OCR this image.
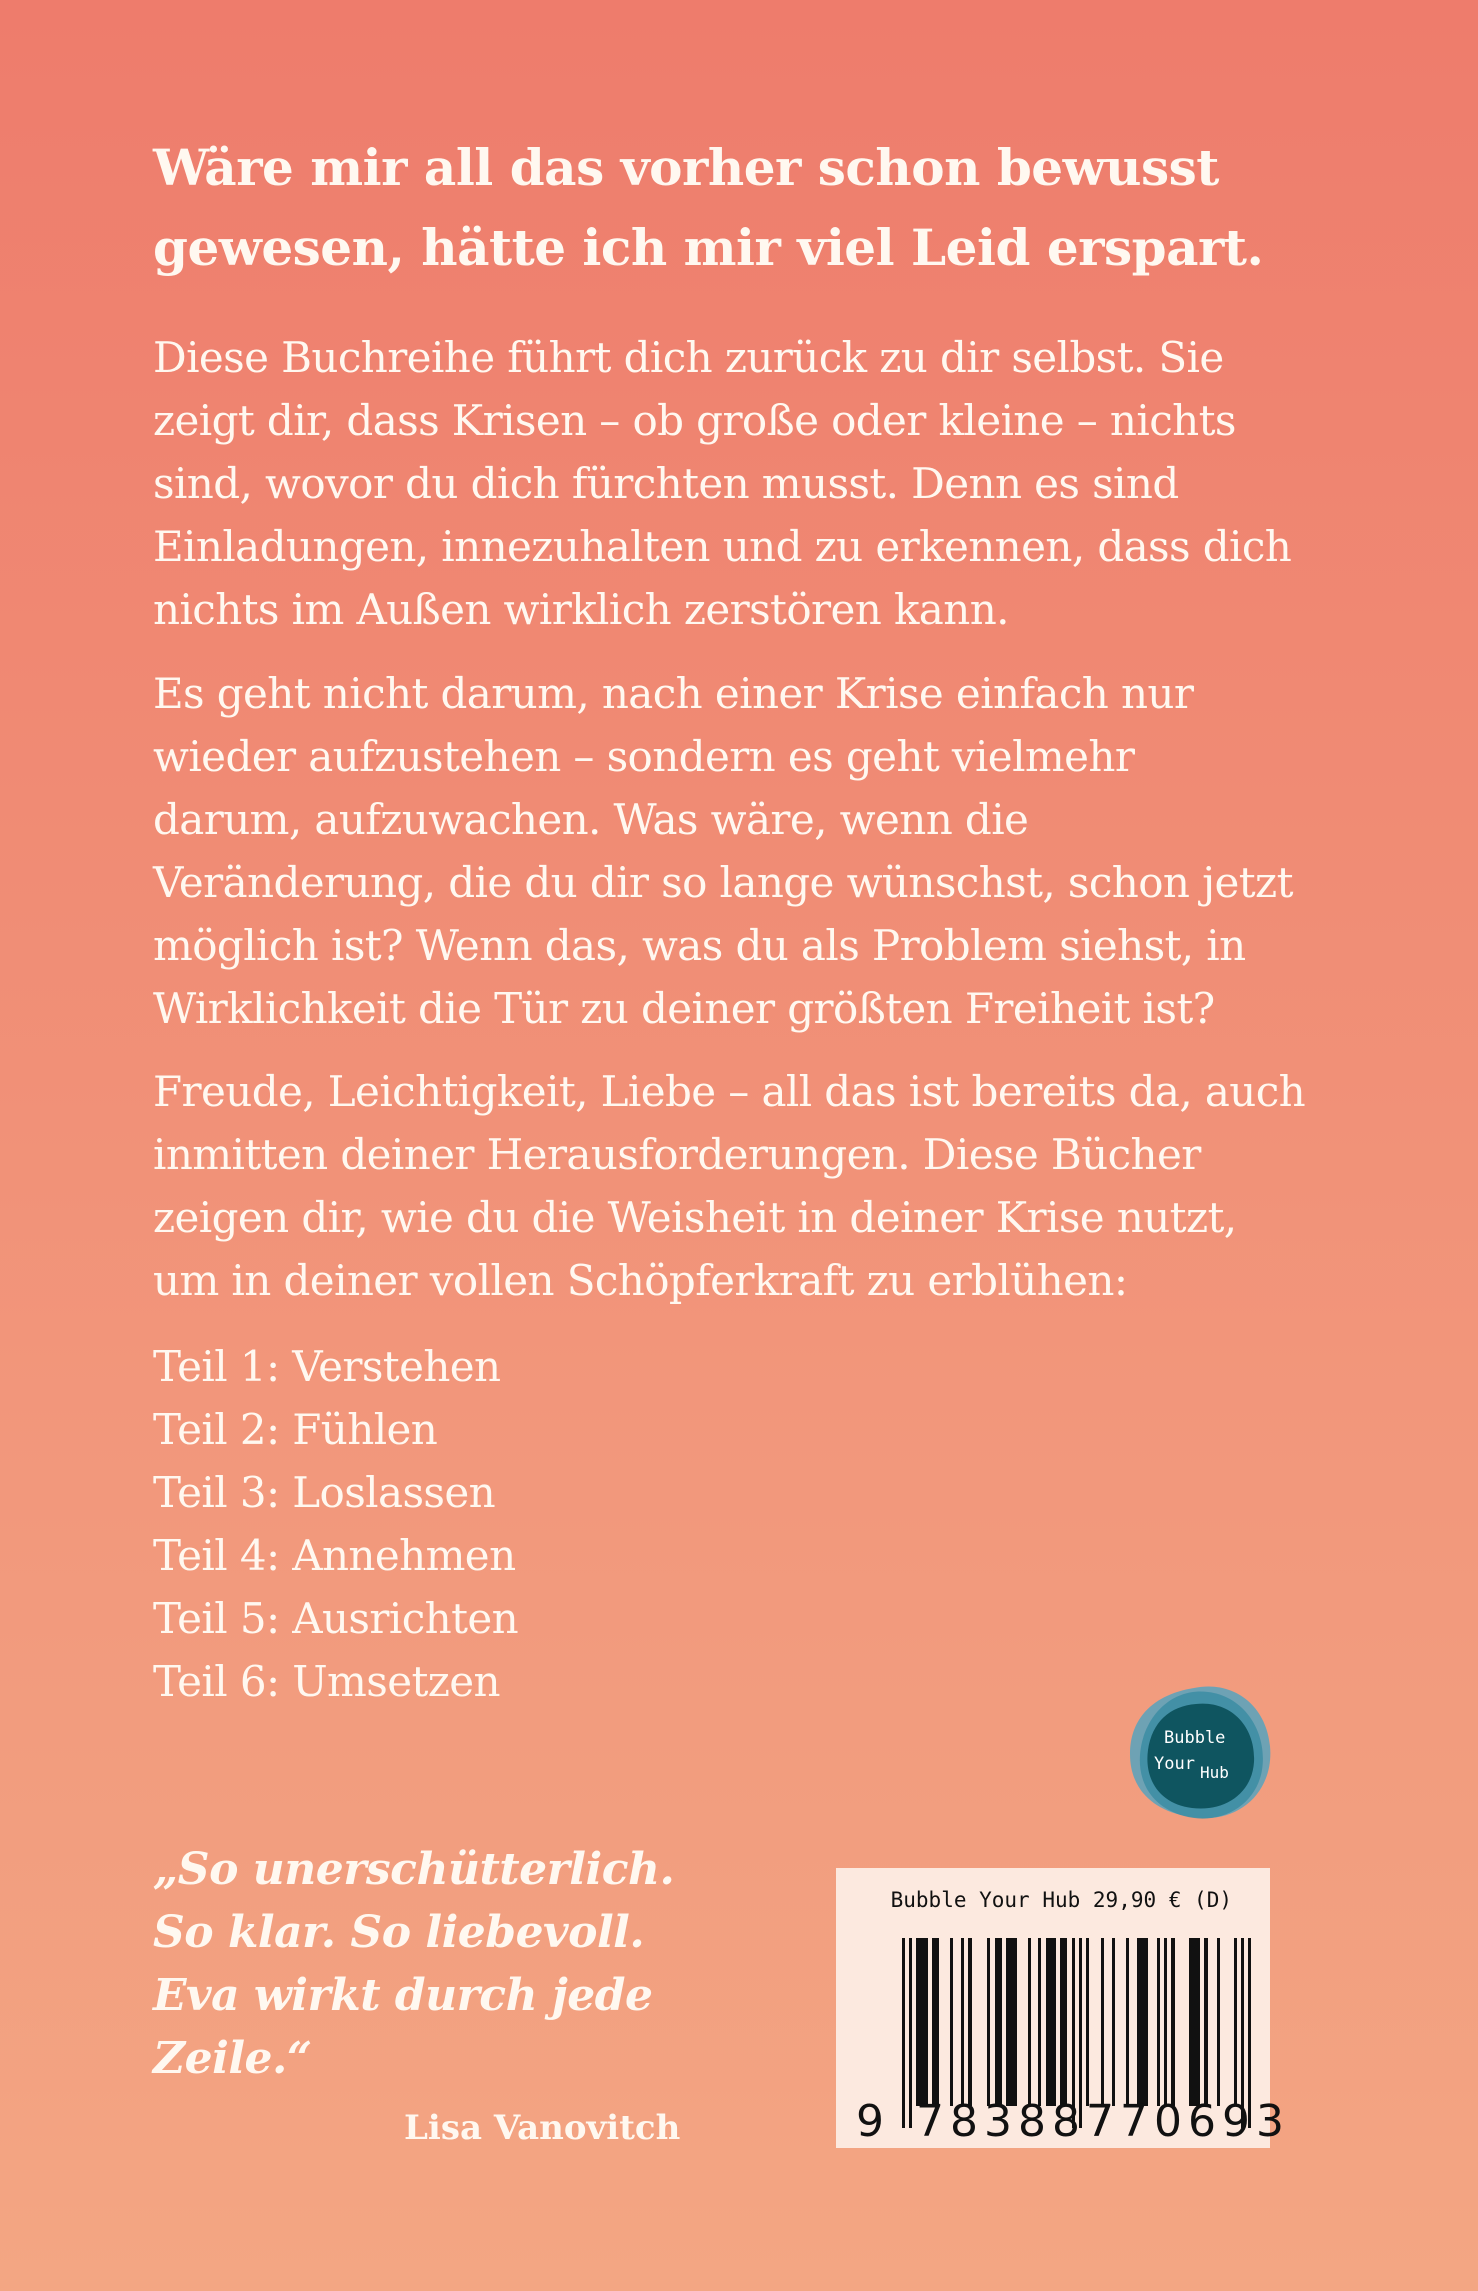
Wäre mir all das vorher schon bewusst
gewesen, hätte ich mir viel Leid erspart.
Diese Buchreihe führt dich zurück zu dir selbst. Sie
zeigt dir, dass Krisen – ob große oder kleine – nichts
sind, wovor du dich fürchten musst. Denn es sind
Einladungen, innezuhalten und zu erkennen, dass dich
nichts im Außen wirklich zerstören kann.
Es geht nicht darum, nach einer Krise einfach nur
wieder aufzustehen – sondern es geht vielmehr
darum, aufzuwachen. Was wäre, wenn die
Veränderung, die du dir so lange wünschst, schon jetzt
möglich ist? Wenn das, was du als Problem siehst, in
Wirklichkeit die Tür zu deiner größten Freiheit ist?
Freude, Leichtigkeit, Liebe – all das ist bereits da, auch
inmitten deiner Herausforderungen. Diese Bücher
zeigen dir, wie du die Weisheit in deiner Krise nutzt,
um in deiner vollen Schöpferkraft zu erblühen:
Teil 1: Verstehen
Teil 2: Fühlen
Teil 3: Loslassen
Teil 4: Annehmen
Teil 5: Ausrichten
Teil 6: Umsetzen
Bubble
Your Hub
„So unerschütterlich.
So klar. So liebevoll.
Eva wirkt durch jede
Zeile.“
Lisa Vanovitch
Bubble Your Hub 29,90 € (D)
9 783887
770693
